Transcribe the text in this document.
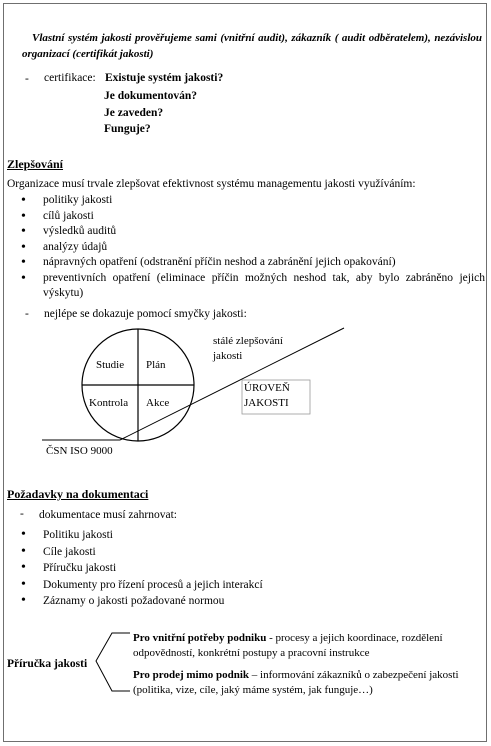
Vlastní systém jakosti prověřujeme sami (vnitřní audit), zákazník ( audit odběratelem), nezávislou organizací (certifikát jakosti)
- certifikace: Existuje systém jakosti?
Je dokumentován?
Je zaveden?
Funguje?
Zlepšování
Organizace musí trvale zlepšovat efektivnost systému managementu jakosti využíváním:
• politiky jakosti
• cílů jakosti
• výsledků auditů
• analýzy údajů
• nápravných opatření (odstranění příčin neshod a zabránění jejich opakování)
• preventivních opatření (eliminace příčin možných neshod tak, aby bylo zabráněno jejich výskytu)
- nejlépe se dokazuje pomocí smyčky jakosti:
Studie Plán
Kontrola Akce
stálé zlepšování
jakosti
ÚROVEŇ
JAKOSTI
ČSN ISO 9000
Požadavky na dokumentaci
- dokumentace musí zahrnovat:
• Politiku jakosti
• Cíle jakosti
• Příručku jakosti
• Dokumenty pro řízení procesů a jejich interakcí
• Záznamy o jakosti požadované normou
Příručka jakosti
Pro vnitřní potřeby podniku - procesy a jejich koordinace, rozdělení odpovědností, konkrétní postupy a pracovní instrukce
Pro prodej mimo podnik – informování zákazníků o zabezpečení jakosti (politika, vize, cíle, jaký máme systém, jak funguje…)
